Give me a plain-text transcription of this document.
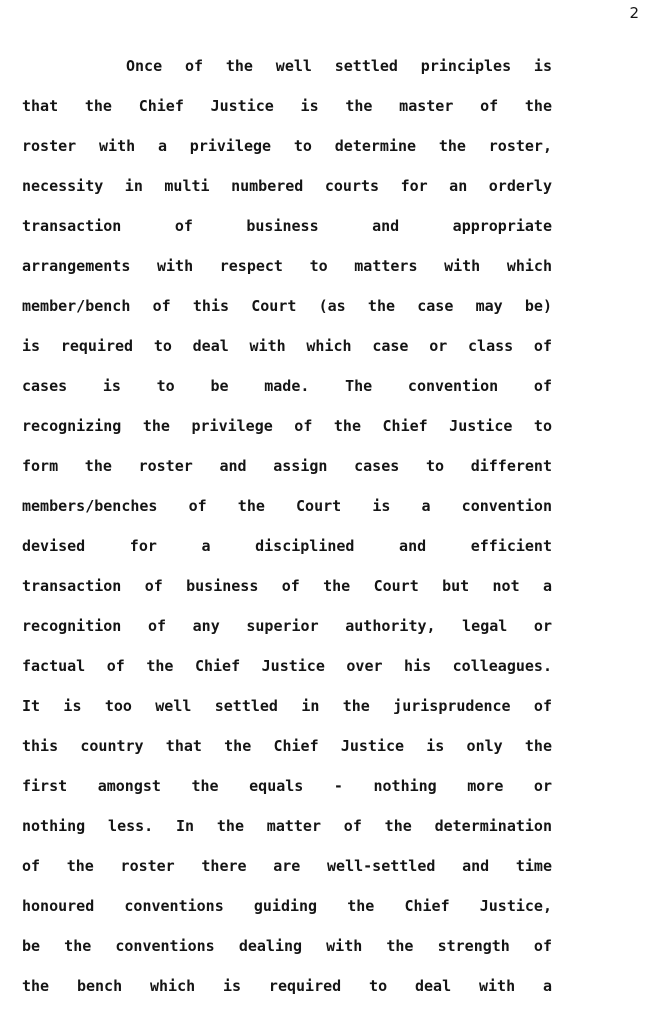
2
Once of the well settled principles is
that the Chief Justice is the master of the
roster with a privilege to determine the roster,
necessity in multi numbered courts for an orderly
transaction of business and appropriate
arrangements with respect to matters with which
member/bench of this Court (as the case may be)
is required to deal with which case or class of
cases is to be made. The convention of
recognizing the privilege of the Chief Justice to
form the roster and assign cases to different
members/benches of the Court is a convention
devised for a disciplined and efficient
transaction of business of the Court but not a
recognition of any superior authority, legal or
factual of the Chief Justice over his colleagues.
It is too well settled in the jurisprudence of
this country that the Chief Justice is only the
first amongst the equals - nothing more or
nothing less. In the matter of the determination
of the roster there are well-settled and time
honoured conventions guiding the Chief Justice,
be the conventions dealing with the strength of
the bench which is required to deal with a
